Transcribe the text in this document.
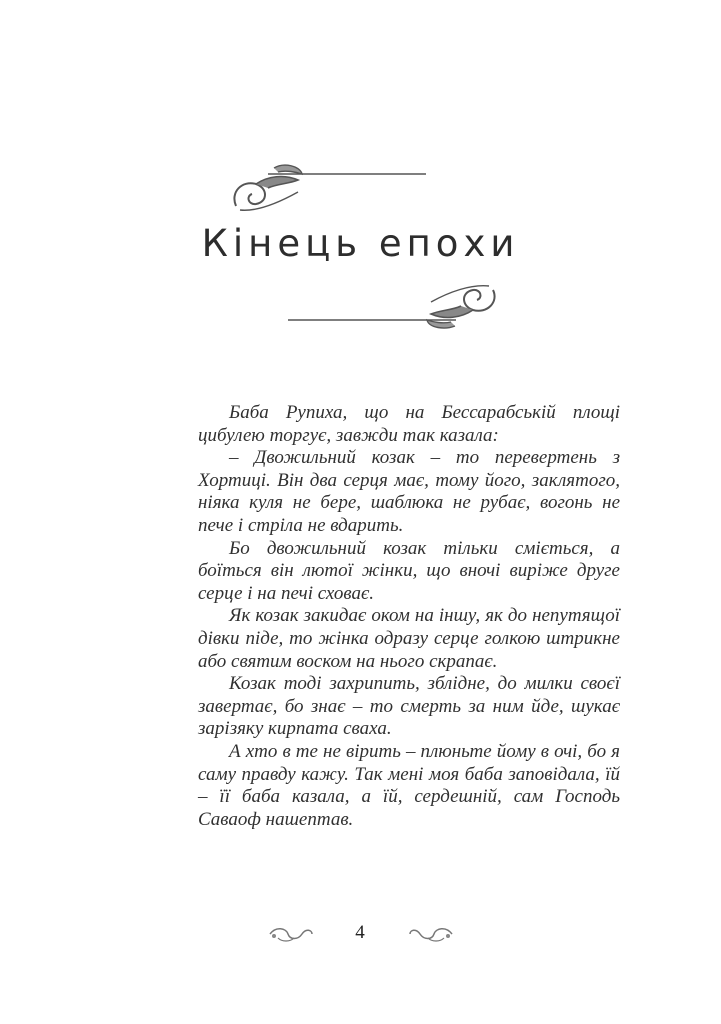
Кінець епохи

Баба Рупиха, що на Бессарабській площі цибулею торгує, завжди так казала:

– Двожильний козак – то перевертень з Хортиці. Він два серця має, тому його, заклятого, ніяка куля не бере, шаблюка не рубає, вогонь не пече і стріла не вдарить.

Бо двожильний козак тільки сміється, а боїться він лютої жінки, що вночі виріже друге серце і на печі сховає.

Як козак закидає оком на іншу, як до непутящої дівки піде, то жінка одразу серце голкою штрикне або святим воском на нього скрапає.

Козак тоді захрипить, зблідне, до милки своєї завертає, бо знає – то смерть за ним йде, шукає зарізяку кирпата сваха.

А хто в те не вірить – плюньте йому в очі, бо я саму правду кажу. Так мені моя баба заповідала, їй – її баба казала, а їй, сердешній, сам Господь Саваоф нашептав.

4
